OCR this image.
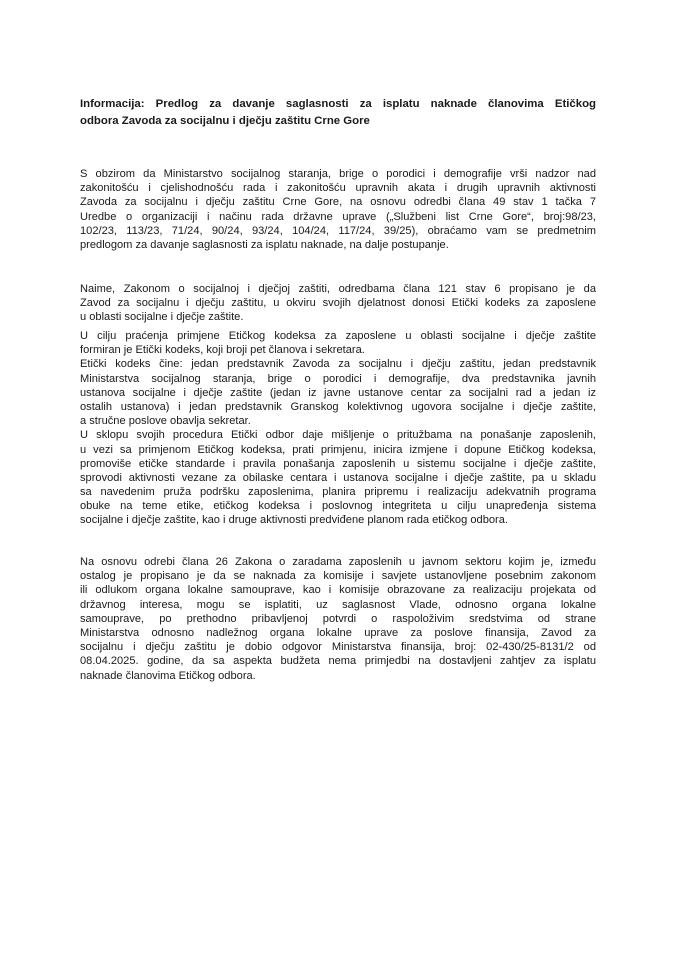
Informacija: Predlog za davanje saglasnosti za isplatu naknade članovima Etičkog
odbora Zavoda za socijalnu i dječju zaštitu Crne Gore
S obzirom da Ministarstvo socijalnog staranja, brige o porodici i demografije vrši nadzor nad
zakonitošću i cjelishodnošću rada i zakonitošću upravnih akata i drugih upravnih aktivnosti
Zavoda za socijalnu i dječju zaštitu Crne Gore, na osnovu odredbi člana 49 stav 1 tačka 7
Uredbe o organizaciji i načinu rada državne uprave („Službeni list Crne Gore“, broj:98/23,
102/23, 113/23, 71/24, 90/24, 93/24, 104/24, 117/24, 39/25), obraćamo vam se predmetnim
predlogom za davanje saglasnosti za isplatu naknade, na dalje postupanje.
Naime, Zakonom o socijalnoj i dječjoj zaštiti, odredbama člana 121 stav 6 propisano je da
Zavod za socijalnu i dječju zaštitu, u okviru svojih djelatnost donosi Etički kodeks za zaposlene
u oblasti socijalne i dječje zaštite.
U cilju praćenja primjene Etičkog kodeksa za zaposlene u oblasti socijalne i dječje zaštite
formiran je Etički kodeks, koji broji pet članova i sekretara.
Etički kodeks čine: jedan predstavnik Zavoda za socijalnu i dječju zaštitu, jedan predstavnik
Ministarstva socijalnog staranja, brige o porodici i demografije, dva predstavnika javnih
ustanova socijalne i dječje zaštite (jedan iz javne ustanove centar za socijalni rad a jedan iz
ostalih ustanova) i jedan predstavnik Granskog kolektivnog ugovora socijalne i dječje zaštite,
a stručne poslove obavlja sekretar.
U sklopu svojih procedura Etički odbor daje mišljenje o pritužbama na ponašanje zaposlenih,
u vezi sa primjenom Etičkog kodeksa, prati primjenu, inicira izmjene i dopune Etičkog kodeksa,
promoviše etičke standarde i pravila ponašanja zaposlenih u sistemu socijalne i dječje zaštite,
sprovodi aktivnosti vezane za obilaske centara i ustanova socijalne i dječje zaštite, pa u skladu
sa navedenim pruža podršku zaposlenima, planira pripremu i realizaciju adekvatnih programa
obuke na teme etike, etičkog kodeksa i poslovnog integriteta u cilju unapređenja sistema
socijalne i dječje zaštite, kao i druge aktivnosti predviđene planom rada etičkog odbora.
Na osnovu odrebi člana 26 Zakona o zaradama zaposlenih u javnom sektoru kojim je, između
ostalog je propisano je da se naknada za komisije i savjete ustanovljene posebnim zakonom
ili odlukom organa lokalne samouprave, kao i komisije obrazovane za realizaciju projekata od
državnog interesa, mogu se isplatiti, uz saglasnost Vlade, odnosno organa lokalne
samouprave, po prethodno pribavljenoj potvrdi o raspoloživim sredstvima od strane
Ministarstva odnosno nadležnog organa lokalne uprave za poslove finansija, Zavod za
socijalnu i dječju zaštitu je dobio odgovor Ministarstva finansija, broj: 02-430/25-8131/2 od
08.04.2025. godine, da sa aspekta budžeta nema primjedbi na dostavljeni zahtjev za isplatu
naknade članovima Etičkog odbora.
